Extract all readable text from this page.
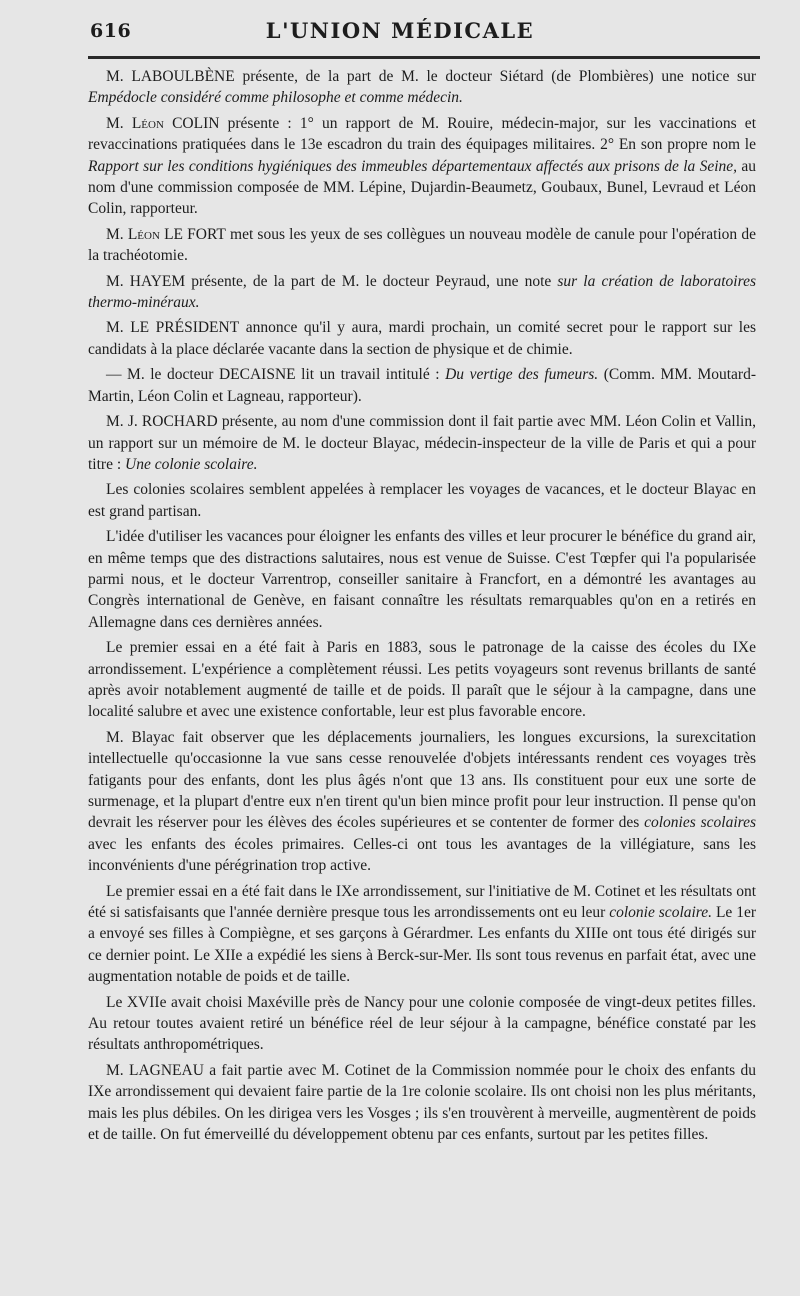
616	L'UNION MÉDICALE

M. LABOULBÈNE présente, de la part de M. le docteur Siétard (de Plombières) une notice sur Empédocle considéré comme philosophe et comme médecin.

M. Léon COLIN présente : 1° un rapport de M. Rouire, médecin-major, sur les vaccinations et revaccinations pratiquées dans le 13e escadron du train des équipages militaires. 2° En son propre nom le Rapport sur les conditions hygiéniques des immeubles départementaux affectés aux prisons de la Seine, au nom d'une commission composée de MM. Lépine, Dujardin-Beaumetz, Goubaux, Bunel, Levraud et Léon Colin, rapporteur.

M. Léon LE FORT met sous les yeux de ses collègues un nouveau modèle de canule pour l'opération de la trachéotomie.

M. HAYEM présente, de la part de M. le docteur Peyraud, une note sur la création de laboratoires thermo-minéraux.

M. LE PRÉSIDENT annonce qu'il y aura, mardi prochain, un comité secret pour le rapport sur les candidats à la place déclarée vacante dans la section de physique et de chimie.

— M. le docteur DECAISNE lit un travail intitulé : Du vertige des fumeurs. (Comm. MM. Moutard-Martin, Léon Colin et Lagneau, rapporteur).

M. J. ROCHARD présente, au nom d'une commission dont il fait partie avec MM. Léon Colin et Vallin, un rapport sur un mémoire de M. le docteur Blayac, médecin-inspecteur de la ville de Paris et qui a pour titre : Une colonie scolaire.

Les colonies scolaires semblent appelées à remplacer les voyages de vacances, et le docteur Blayac en est grand partisan.

L'idée d'utiliser les vacances pour éloigner les enfants des villes et leur procurer le bénéfice du grand air, en même temps que des distractions salutaires, nous est venue de Suisse. C'est Tœpfer qui l'a popularisée parmi nous, et le docteur Varrentrop, conseiller sanitaire à Francfort, en a démontré les avantages au Congrès international de Genève, en faisant connaître les résultats remarquables qu'on en a retirés en Allemagne dans ces dernières années.

Le premier essai en a été fait à Paris en 1883, sous le patronage de la caisse des écoles du IXe arrondissement. L'expérience a complètement réussi. Les petits voyageurs sont revenus brillants de santé après avoir notablement augmenté de taille et de poids. Il paraît que le séjour à la campagne, dans une localité salubre et avec une existence confortable, leur est plus favorable encore.

M. Blayac fait observer que les déplacements journaliers, les longues excursions, la surexcitation intellectuelle qu'occasionne la vue sans cesse renouvelée d'objets intéressants rendent ces voyages très fatigants pour des enfants, dont les plus âgés n'ont que 13 ans. Ils constituent pour eux une sorte de surmenage, et la plupart d'entre eux n'en tirent qu'un bien mince profit pour leur instruction. Il pense qu'on devrait les réserver pour les élèves des écoles supérieures et se contenter de former des colonies scolaires avec les enfants des écoles primaires. Celles-ci ont tous les avantages de la villégiature, sans les inconvénients d'une pérégrination trop active.

Le premier essai en a été fait dans le IXe arrondissement, sur l'initiative de M. Cotinet et les résultats ont été si satisfaisants que l'année dernière presque tous les arrondissements ont eu leur colonie scolaire. Le 1er a envoyé ses filles à Compiègne, et ses garçons à Gérardmer. Les enfants du XIIIe ont tous été dirigés sur ce dernier point. Le XIIe a expédié les siens à Berck-sur-Mer. Ils sont tous revenus en parfait état, avec une augmentation notable de poids et de taille.

Le XVIIe avait choisi Maxéville près de Nancy pour une colonie composée de vingt-deux petites filles. Au retour toutes avaient retiré un bénéfice réel de leur séjour à la campagne, bénéfice constaté par les résultats anthropométriques.

M. LAGNEAU a fait partie avec M. Cotinet de la Commission nommée pour le choix des enfants du IXe arrondissement qui devaient faire partie de la 1re colonie scolaire. Ils ont choisi non les plus méritants, mais les plus débiles. On les dirigea vers les Vosges ; ils s'en trouvèrent à merveille, augmentèrent de poids et de taille. On fut émerveillé du développement obtenu par ces enfants, surtout par les petites filles.
